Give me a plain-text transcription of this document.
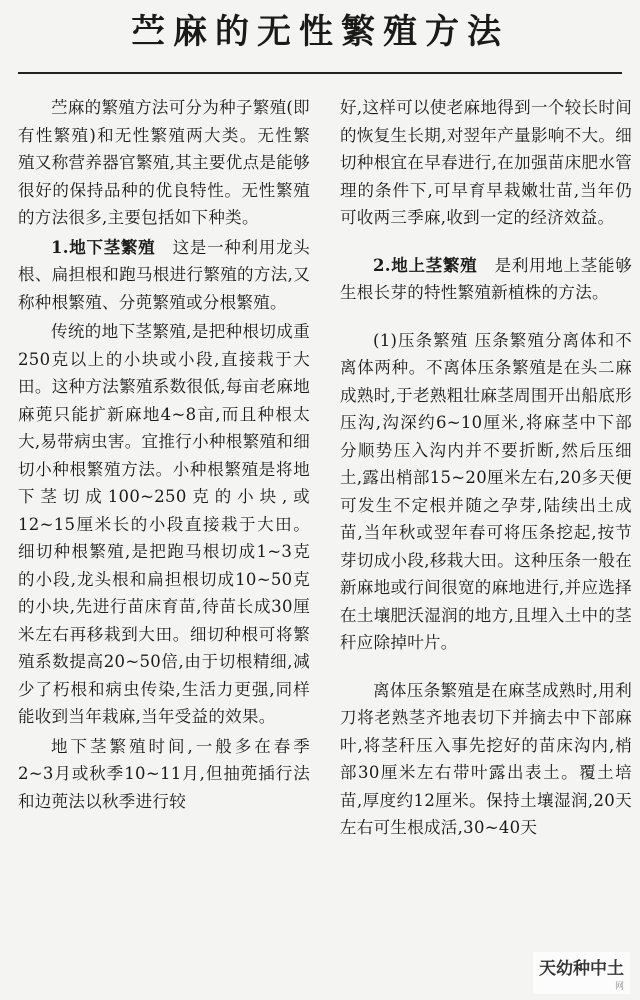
苎麻的无性繁殖方法

苎麻的繁殖方法可分为种子繁殖(即有性繁殖)和无性繁殖两大类。无性繁殖又称营养器官繁殖,其主要优点是能够很好的保持品种的优良特性。无性繁殖的方法很多,主要包括如下种类。

1.地下茎繁殖　 这是一种利用龙头根、扁担根和跑马根进行繁殖的方法,又称种根繁殖、分蔸繁殖或分根繁殖。

传统的地下茎繁殖,是把种根切成重250克以上的小块或小段,直接栽于大田。这种方法繁殖系数很低,每亩老麻地麻蔸只能扩新麻地4~8亩,而且种根太大,易带病虫害。宜推行小种根繁殖和细切小种根繁殖方法。小种根繁殖是将地下茎切成100~250克的小块,或12~15厘米长的小段直接栽于大田。细切种根繁殖,是把跑马根切成1~3克的小段,龙头根和扁担根切成10~50克的小块,先进行苗床育苗,待苗长成30厘米左右再移栽到大田。细切种根可将繁殖系数提高20~50倍,由于切根精细,减少了朽根和病虫传染,生活力更强,同样能收到当年栽麻,当年受益的效果。

地下茎繁殖时间,一般多在春季2~3月或秋季10~11月,但抽蔸插行法和边蔸法以秋季进行较

好,这样可以使老麻地得到一个较长时间的恢复生长期,对翌年产量影响不大。细切种根宜在早春进行,在加强苗床肥水管理的条件下,可早育早栽嫩壮苗,当年仍可收两三季麻,收到一定的经济效益。

2.地上茎繁殖　 是利用地上茎能够生根长芽的特性繁殖新植株的方法。

(1)压条繁殖 压条繁殖分离体和不离体两种。不离体压条繁殖是在头二麻成熟时,于老熟粗壮麻茎周围开出船底形压沟,沟深约6~10厘米,将麻茎中下部分顺势压入沟内并不要折断,然后压细土,露出梢部15~20厘米左右,20多天便可发生不定根并随之孕芽,陆续出土成苗,当年秋或翌年春可将压条挖起,按节芽切成小段,移栽大田。这种压条一般在新麻地或行间很宽的麻地进行,并应选择在土壤肥沃湿润的地方,且埋入土中的茎秆应除掉叶片。

离体压条繁殖是在麻茎成熟时,用利刀将老熟茎齐地表切下并摘去中下部麻叶,将茎秆压入事先挖好的苗床沟内,梢部30厘米左右带叶露出表土。覆土培苗,厚度约12厘米。保持土壤湿润,20天左右可生根成活,30~40天

天幼种中土
网
